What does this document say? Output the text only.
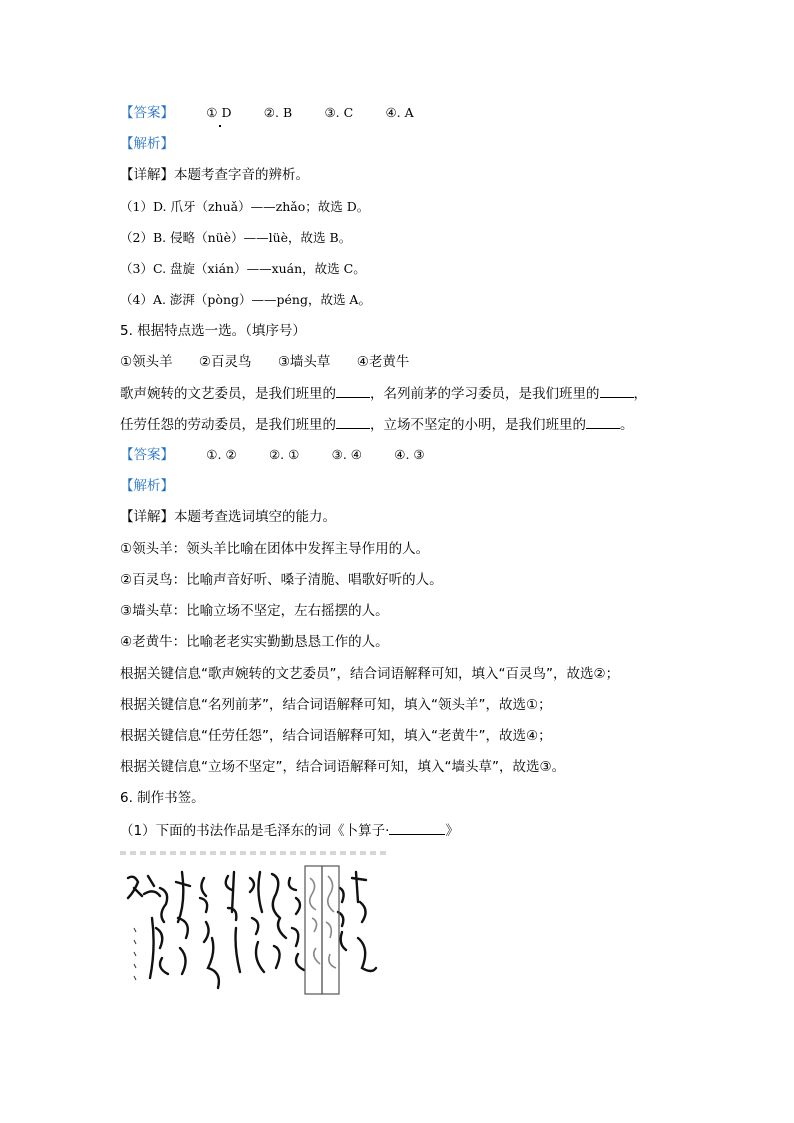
【答案】	① D	②. B	③. C	④. A
【解析】
【详解】本题考查字音的辨析。
（1）D. 爪牙（zhuǎ）——zhǎo；故选 D。
（2）B. 侵略（nüè）——lüè，故选 B。
（3）C. 盘旋（xián）——xuán，故选 C。
（4）A. 澎湃（pòng）——péng，故选 A。
5. 根据特点选一选。（填序号）
①领头羊 ②百灵鸟 ③墙头草 ④老黄牛
歌声婉转的文艺委员，是我们班里的	，名列前茅的学习委员，是我们班里的	，
任劳任怨的劳动委员，是我们班里的	，立场不坚定的小明，是我们班里的	。
【答案】	①. ②	②. ①	③. ④	④. ③
【解析】
【详解】本题考查选词填空的能力。
①领头羊：领头羊比喻在团体中发挥主导作用的人。
②百灵鸟：比喻声音好听、嗓子清脆、唱歌好听的人。
③墙头草：比喻立场不坚定，左右摇摆的人。
④老黄牛：比喻老老实实勤勤恳恳工作的人。
根据关键信息“歌声婉转的文艺委员”，结合词语解释可知，填入“百灵鸟”，故选②；
根据关键信息“名列前茅”，结合词语解释可知，填入“领头羊”，故选①；
根据关键信息“任劳任怨”，结合词语解释可知，填入“老黄牛”，故选④；
根据关键信息“立场不坚定”，结合词语解释可知，填入“墙头草”，故选③。
6. 制作书签。
（1）下面的书法作品是毛泽东的词《卜算子·	》
